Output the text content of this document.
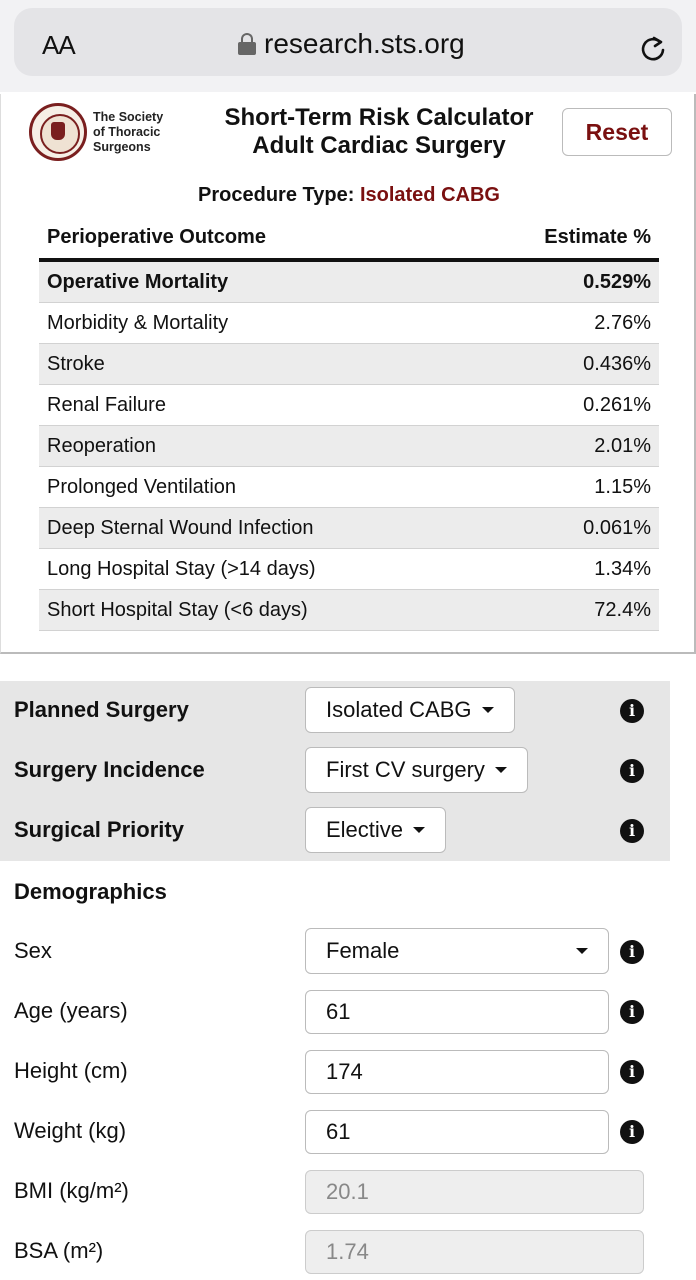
AA	research.sts.org
The Society
of Thoracic
Surgeons
Short-Term Risk Calculator
Adult Cardiac Surgery
Reset
Procedure Type: Isolated CABG
Perioperative Outcome	Estimate %
Operative Mortality	0.529%
Morbidity & Mortality	2.76%
Stroke	0.436%
Renal Failure	0.261%
Reoperation	2.01%
Prolonged Ventilation	1.15%
Deep Sternal Wound Infection	0.061%
Long Hospital Stay (>14 days)	1.34%
Short Hospital Stay (<6 days)	72.4%
Planned Surgery	Isolated CABG	i
Surgery Incidence	First CV surgery	i
Surgical Priority	Elective	i
Demographics
Sex	Female	i
Age (years)	61	i
Height (cm)	174	i
Weight (kg)	61	i
BMI (kg/m²)	20.1
BSA (m²)	1.74
